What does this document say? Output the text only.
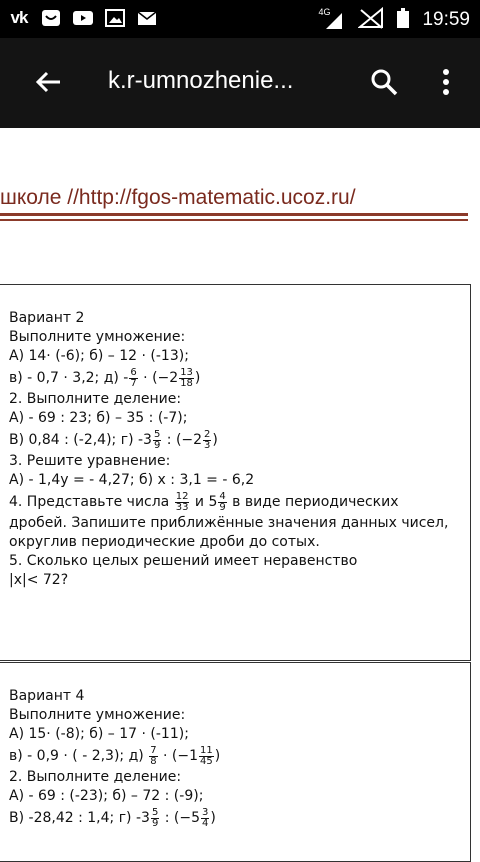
vk	4G	19:59
k.r-umnozhenie...
школе //http://fgos-matematic.ucoz.ru/
Вариант 2
Выполните умножение:
А) 14· (-6); б) – 12 · (-13);
в) - 0,7 · 3,2; $д) - \frac{6}{7} \cdot (-2 \frac{13}{18}$ )
2. Выполните деление:
А) - 69 : 23; б) – 35 : (-7);
В) 0,84 : (-2,4); г) $-3 \frac{5}{9}$ : ($-2 \frac{2}{3}$ )
3. Решите уравнение:
А) - 1,4у = - 4,27; б) х : 3,1 = - 6,2
4. Представьте числа $\frac{12}{33}$ и $5 \frac{4}{9}$ в виде периодических
дробей. Запишите приближённые значения данных чисел,
округлив периодические дроби до сотых.
5. Сколько целых решений имеет неравенство
|х|< 72?
Вариант 4
Выполните умножение:
А) 15· (-8); б) – 17 · (-11);
в) - 0,9 · ( - 2,3); $д) \frac{7}{8} \cdot (-1 \frac{11}{45}$ )
2. Выполните деление:
А) - 69 : (-23); б) – 72 : (-9);
В) -28,42 : 1,4; г) $-3 \frac{5}{9}$ : ($-5 \frac{3}{4}$ )
